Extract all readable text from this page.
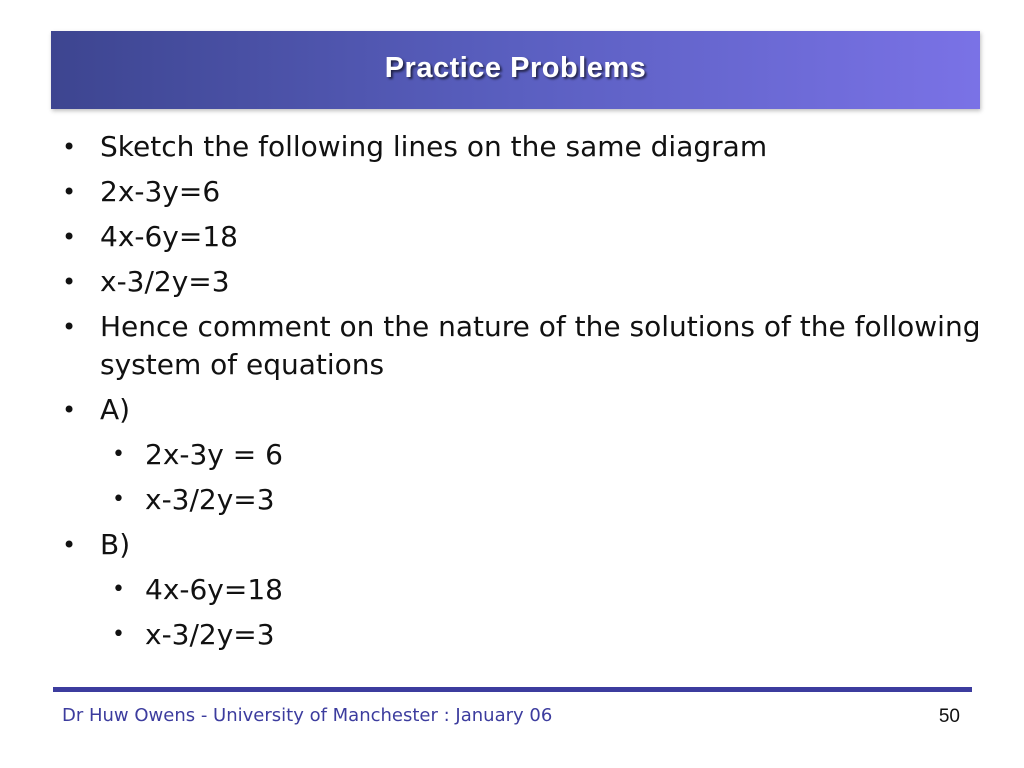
Practice Problems
• Sketch the following lines on the same diagram
• 2x-3y=6
• 4x-6y=18
• x-3/2y=3
• Hence comment on the nature of the solutions of the following system of equations
• A)
• 2x-3y = 6
• x-3/2y=3
• B)
• 4x-6y=18
• x-3/2y=3
Dr Huw Owens - University of Manchester : January 06	50
